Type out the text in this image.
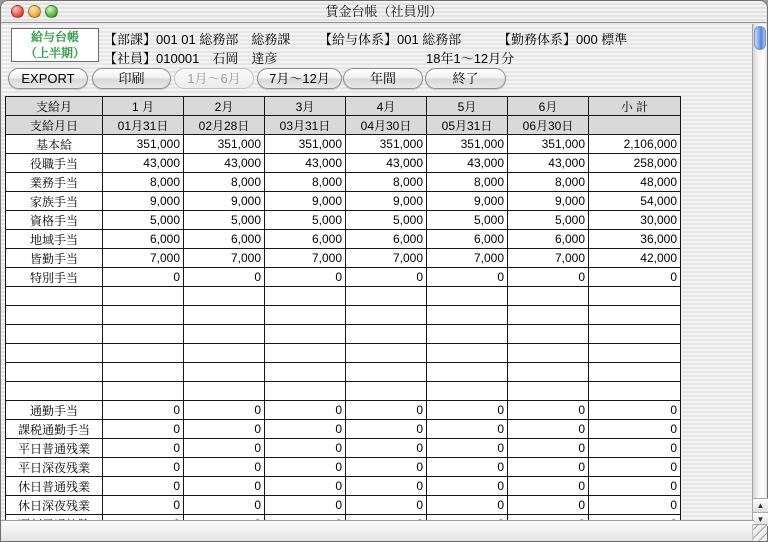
賃金台帳（社員別）
給与台帳
（上半期）
【部課】001 01 総務部　総務課 【給与体系】001 総務部	【勤務体系】000 標準
【社員】010001　石岡　達彦	18年1～12月分
EXPORT	印刷	1月～6月	7月～12月	年間	終了
支給月	1 月	2月	3月	4月	5月	6月	小 計
支給月日	01月31日	02月28日	03月31日	04月30日	05月31日	06月30日	
基本給	351,000	351,000	351,000	351,000	351,000	351,000	2,106,000
役職手当	43,000	43,000	43,000	43,000	43,000	43,000	258,000
業務手当	8,000	8,000	8,000	8,000	8,000	8,000	48,000
家族手当	9,000	9,000	9,000	9,000	9,000	9,000	54,000
資格手当	5,000	5,000	5,000	5,000	5,000	5,000	30,000
地域手当	6,000	6,000	6,000	6,000	6,000	6,000	36,000
皆勤手当	7,000	7,000	7,000	7,000	7,000	7,000	42,000
特別手当	0	0	0	0	0	0	0

通勤手当	0	0	0	0	0	0	0
課税通勤手当	0	0	0	0	0	0	0
平日普通残業	0	0	0	0	0	0	0
平日深夜残業	0	0	0	0	0	0	0
休日普通残業	0	0	0	0	0	0	0
休日深夜残業	0	0	0	0	0	0	0
								▲
▼
